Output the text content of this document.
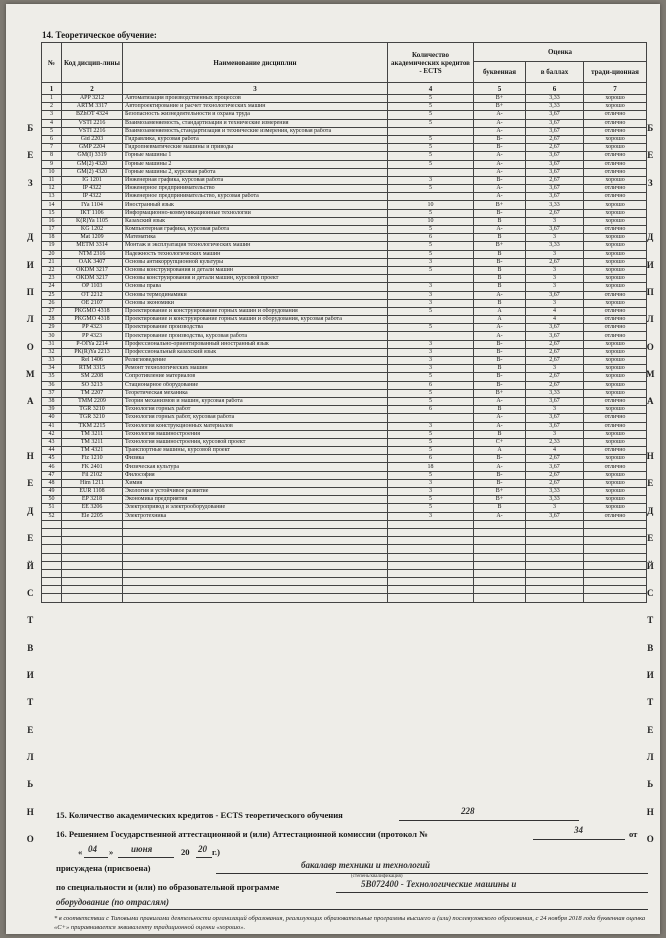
14. Теоретическое обучение:
Б
Е
З

Д
И
П
Л
О
М
А

Н
Е
Д
Е
Й
С
Т
В
И
Т
Е
Л
Ь
Н
О
Б
Е
З

Д
И
П
Л
О
М
А

Н
Е
Д
Е
Й
С
Т
В
И
Т
Е
Л
Ь
Н
О
№	Код дисцип-лины	Наименование дисциплин	Количество академических кредитов - ECTS	Оценка		
				буквенная	в баллах	тради-ционная
1	2	3	4	5	6	7
1	APP 3212	Автоматизация производственных процессов	5	B+	3,33	хорошо
2	ARTM 3317	Автопроектирование и расчет технологических машин	5	B+	3,33	хорошо
3	BZhOT 4324	Безопасность жизнедеятельности и охрана труда	5	A-	3,67	отлично
4	VSTI 2216	Взаимозаменяемость, стандартизация и технические измерения	5	A-	3,67	отлично
5	VSTI 2216	Взаимозаменяемость,стандартизация и технические измерения, курсовая работа		A-	3,67	отлично
6	Gid 2203	Гидравлика, курсовая работа	5	B-	2,67	хорошо
7	GMP 2204	Гидропневматические машины и приводы	5	B-	2,67	хорошо
8	GM(I) 3319	Горные машины 1	5	A-	3,67	отлично
9	GM(2) 4320	Горные машины 2	5	A-	3,67	отлично
10	GM(2) 4320	Горные машины 2, курсовая работа		A-	3,67	отлично
11	IG 1201	Инженерная графика, курсовая работа	3	B-	2,67	хорошо
12	IP 4322	Инженерное предпринимательство	5	A-	3,67	отлично
13	IP 4322	Инженерное предпринимательство, курсовая работа		A-	3,67	отлично
14	IYa 1104	Иностранный язык	10	B+	3,33	хорошо
15	IKT 1106	Информационно-коммуникационные технологии	5	B-	2,67	хорошо
16	K(R)Ya 1105	Казахский язык	10	B	3	хорошо
17	KG 1202	Компьютерная графика, курсовая работа	5	A-	3,67	отлично
18	Mat 1209	Математика	6	B	3	хорошо
19	METM 3314	Монтаж и эксплуатация технологических машин	5	B+	3,33	хорошо
20	NTM 2316	Надежность технологических машин	5	B	3	хорошо
21	OAK 3407	Основы антикоррупционной культуры	3	B-	2,67	хорошо
22	OKDM 3217	Основы конструирования и детали машин	5	B	3	хорошо
23	OKDM 3217	Основы конструирования и детали машин, курсовой проект		B	3	хорошо
24	OP 1103	Основы права	3	B	3	хорошо
25	OT 2212	Основы термодинамики	3	A-	3,67	отлично
26	OE 2107	Основы экономики	3	B	3	хорошо
27	PKGMO 4318	Проектирование и конструирование горных машин и оборудования	5	A	4	отлично
28	PKGMO 4318	Проектирование и конструирование горных машин и оборудования, курсовая работа		A	4	отлично
29	PP 4323	Проектирование производства	5	A-	3,67	отлично
30	PP 4323	Проектирование производства, курсовая работа		A-	3,67	отлично
31	P-OIYa 2214	Профессионально-ориентированный иностранный язык	3	B-	2,67	хорошо
32	PK(R)Ya 2213	Профессиональный казахский язык	3	B-	2,67	хорошо
33	Rel 1406	Религиоведение	3	B-	2,67	хорошо
34	RTM 3315	Ремонт технологических машин	3	B	3	хорошо
35	SM 2208	Сопротивление материалов	5	B-	2,67	хорошо
36	SO 3213	Стационарное оборудование	6	B-	2,67	хорошо
37	TM 2207	Теоретическая механика	5	B+	3,33	хорошо
38	TMM 2209	Теория механизмов и машин, курсовая работа	5	A-	3,67	отлично
39	TGR 3210	Технология горных работ	6	B	3	хорошо
40	TGR 3210	Технология горных работ, курсовая работа		A-	3,67	отлично
41	TKM 2215	Технология конструкционных материалов	3	A-	3,67	отлично
42	TM 3211	Технология машиностроения	5	B	3	хорошо
43	TM 3211	Технология машиностроения, курсовой проект	5	C+	2,33	хорошо
44	TM 4321	Транспортные машины, курсовой проект	5	A	4	отлично
45	Fiz 1210	Физика	6	B-	2,67	хорошо
46	FK 2401	Физическая культура	18	A-	3,67	отлично
47	Fil 2102	Философия	5	B-	2,67	хорошо
48	Him 1211	Химия	3	B-	2,67	хорошо
49	EUR 1108	Экология и устойчивое развитие	3	B+	3,33	хорошо
50	EP 3218	Экономика предприятия	5	B+	3,33	хорошо
51	EE 3206	Электропривод и электрооборудование	5	B	3	хорошо
52	Ele 2205	Электротехника	3	A-	3,67	отлично

15. Количество академических кредитов - ECTS теоретического обучения	228
16. Решением Государственной аттестационной и (или) Аттестационной комиссии (протокол №	34	от
« 04 » июня	20 20 г.)
присуждена (присвоена)	бакалавр техники и технологий
(степень/квалификация)
по специальности и (или) по образовательной программе	5В072400 - Технологические машины и
оборудование (по отраслям)
* в соответствии с Типовыми правилами деятельности организаций образования, реализующих образовательные программы высшего и (или) послевузовского образования, с 24 ноября 2018 года буквенная оценка «С+» приравнивается эквиваленту традиционной оценки «хорошо».
